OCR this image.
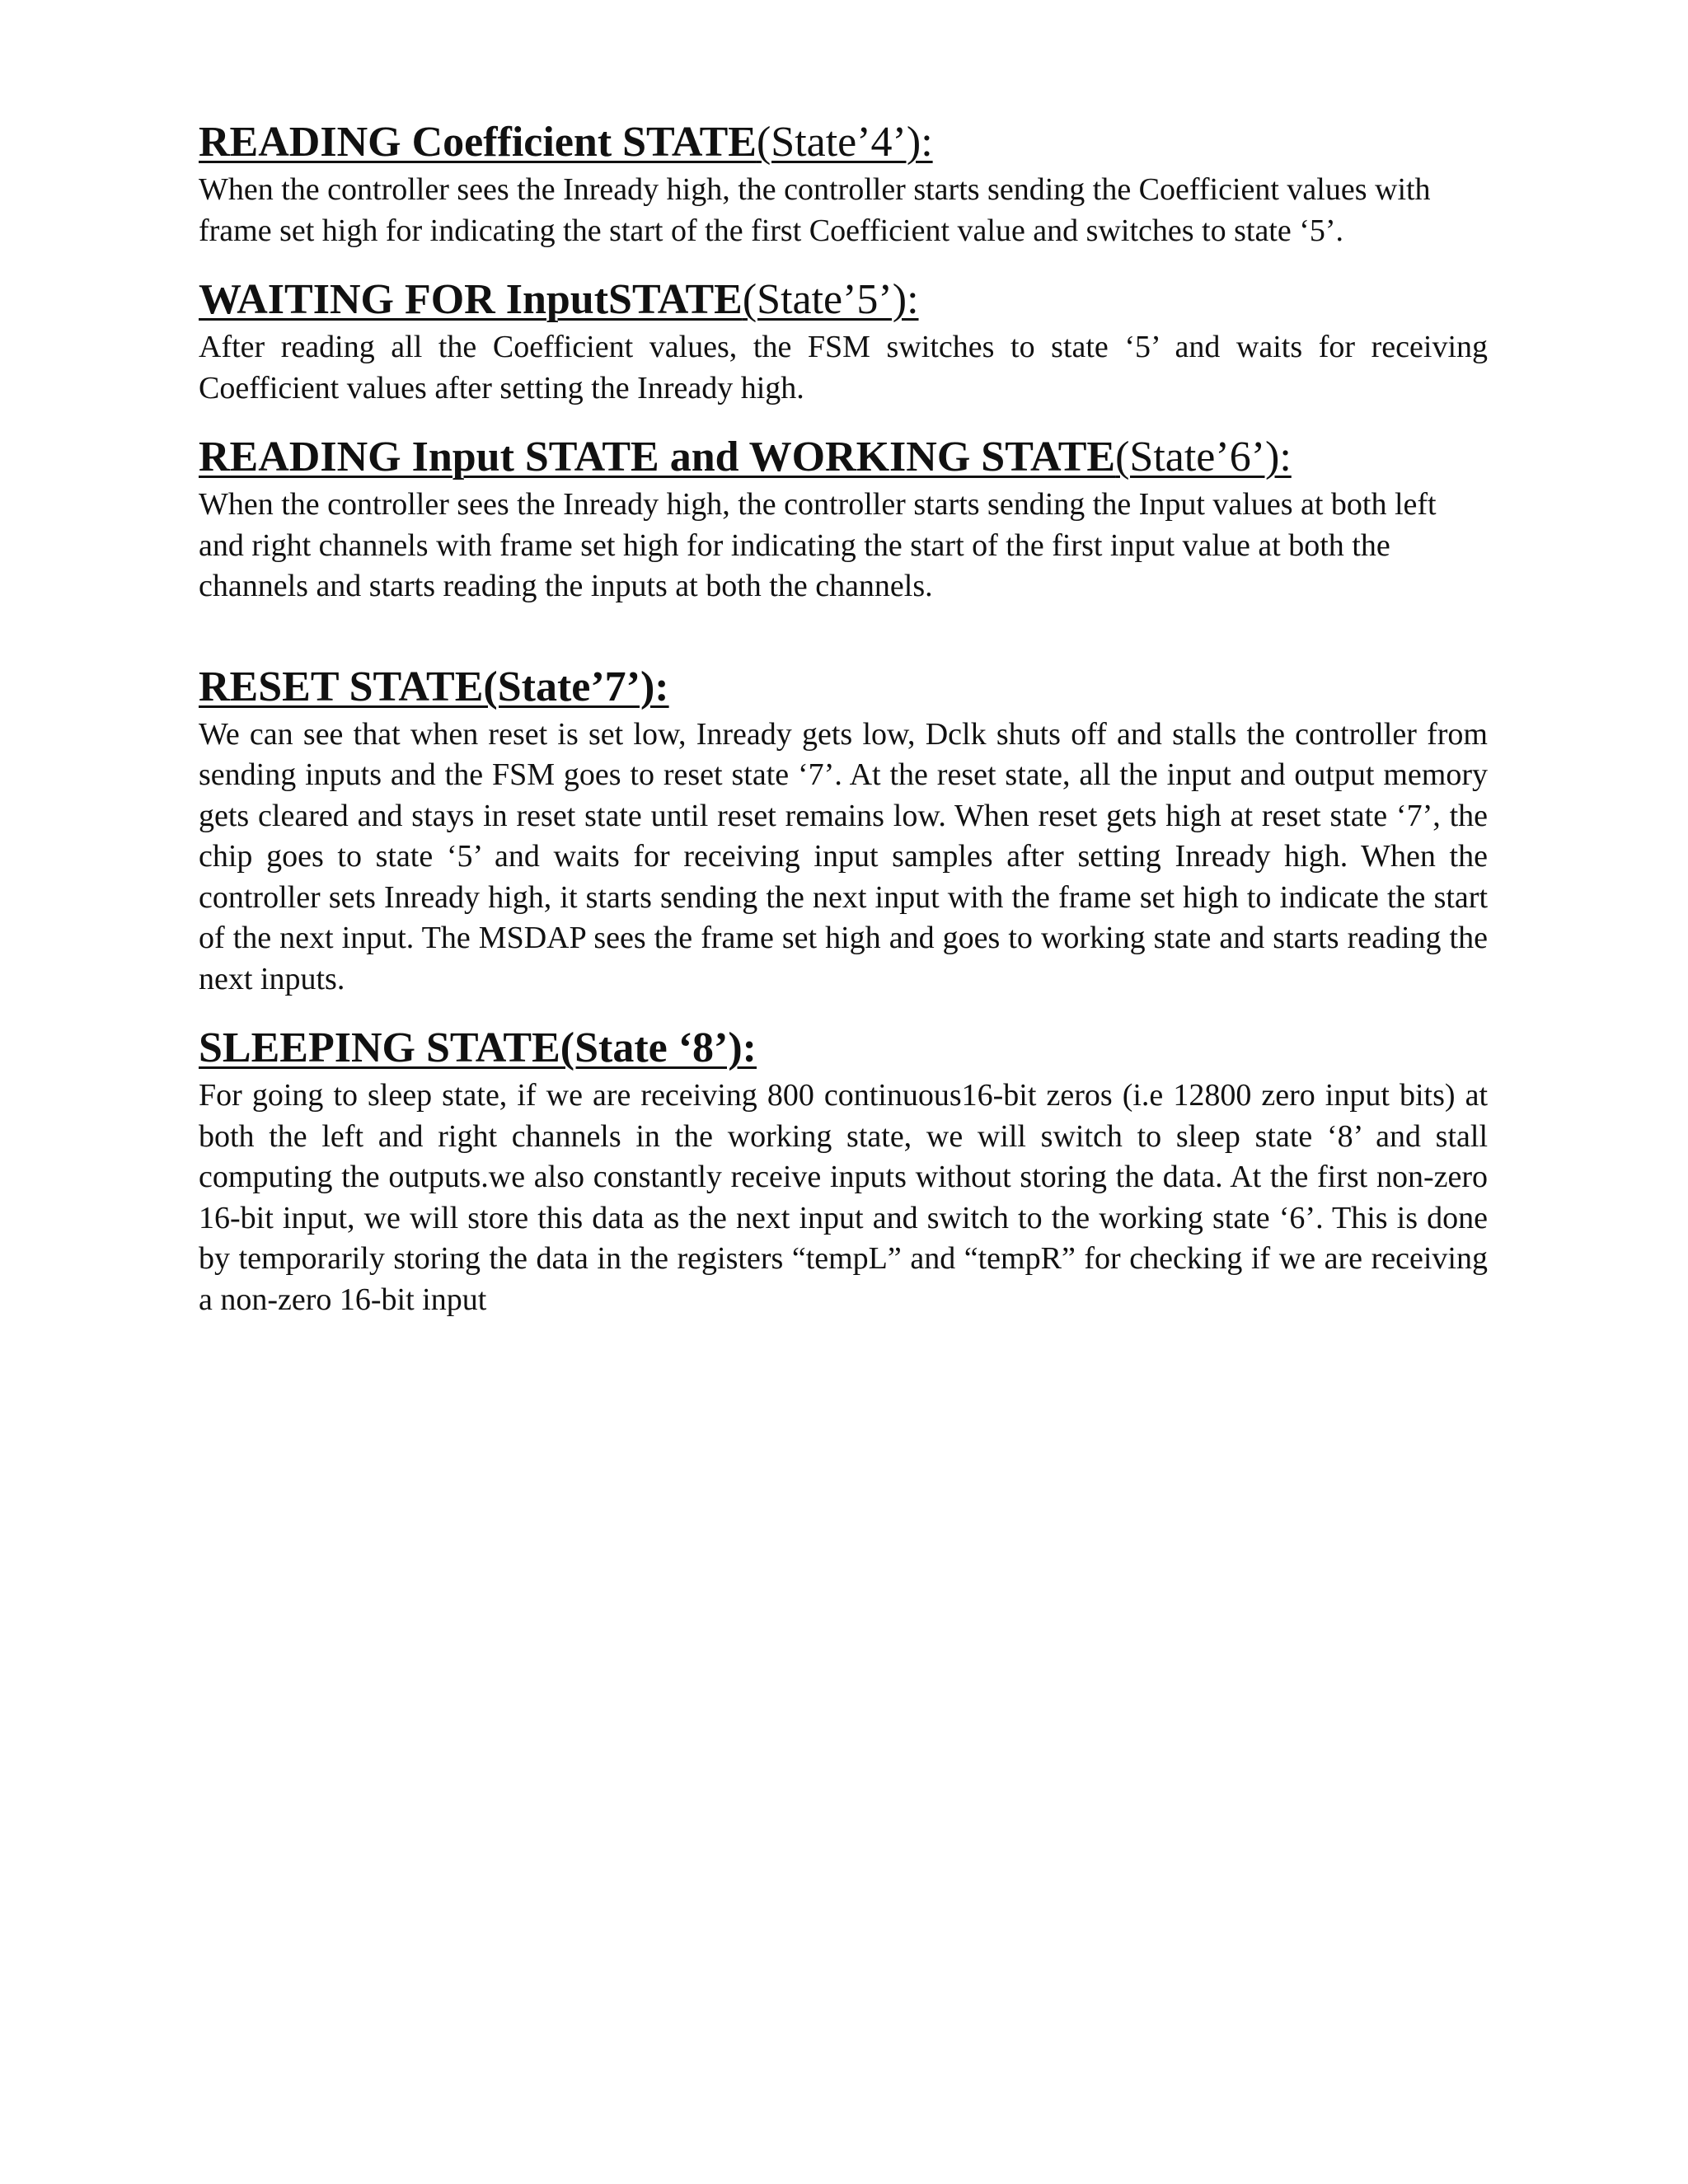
READING Coefficient STATE(State’4’):

When the controller sees the Inready high, the controller starts sending the Coefficient values with frame set high for indicating the start of the first Coefficient value and switches to state ‘5’.

WAITING FOR InputSTATE(State’5’):

After reading all the Coefficient values, the FSM switches to state ‘5’ and waits for receiving Coefficient values after setting the Inready high.

READING Input STATE and WORKING STATE(State’6’):

When the controller sees the Inready high, the controller starts sending the Input values at both left and right channels with frame set high for indicating the start of the first input value at both the channels and starts reading the inputs at both the channels.

RESET STATE(State’7’):

We can see that when reset is set low, Inready gets low, Dclk shuts off and stalls the controller from sending inputs and the FSM goes to reset state ‘7’. At the reset state, all the input and output memory gets cleared and stays in reset state until reset remains low. When reset gets high at reset state ‘7’, the chip goes to state ‘5’ and waits for receiving input samples after setting Inready high. When the controller sets Inready high, it starts sending the next input with the frame set high to indicate the start of the next input. The MSDAP sees the frame set high and goes to working state and starts reading the next inputs.

SLEEPING STATE(State ‘8’):

For going to sleep state, if we are receiving 800 continuous16-bit zeros (i.e 12800 zero input bits) at both the left and right channels in the working state, we will switch to sleep state ‘8’ and stall computing the outputs.we also constantly receive inputs without storing the data. At the first non-zero 16-bit input, we will store this data as the next input and switch to the working state ‘6’. This is done by temporarily storing the data in the registers “tempL” and “tempR” for checking if we are receiving a non-zero 16-bit input
